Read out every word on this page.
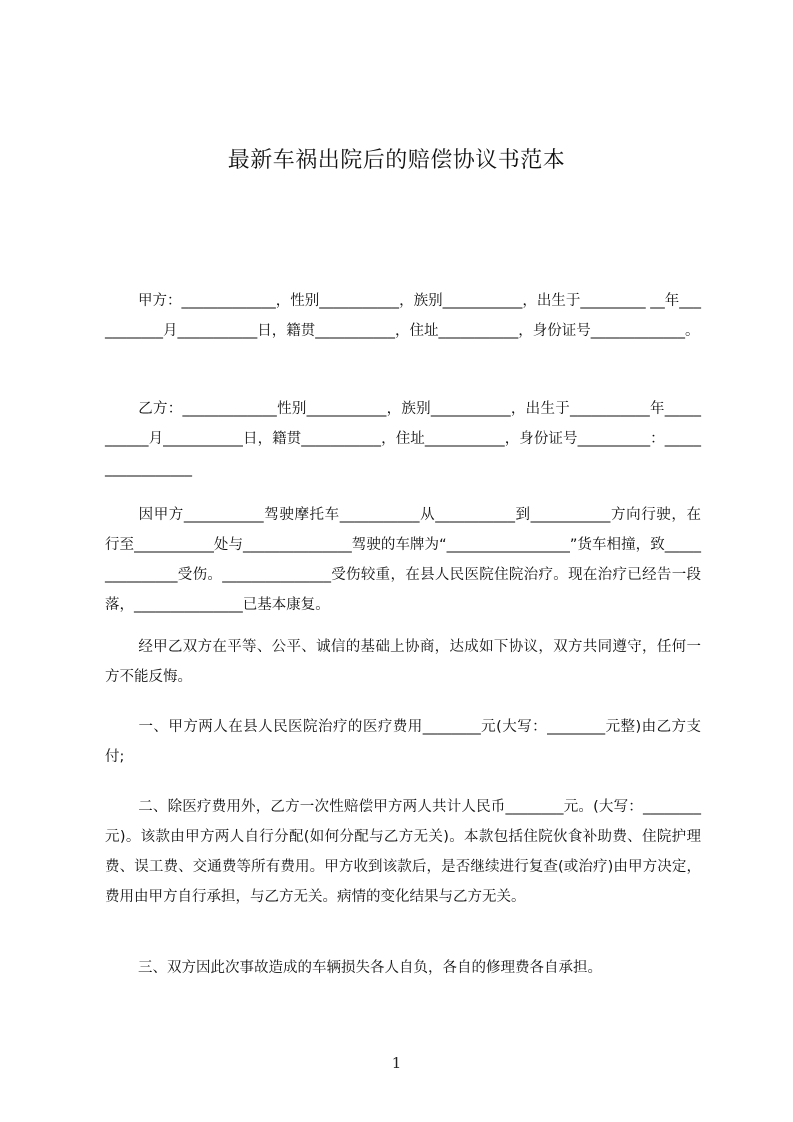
最新车祸出院后的赔偿协议书范本
甲方：_____________，性别___________，族别___________，出生于_________ __年___________月___________日，籍贯___________，住址___________，身份证号_____________。
乙方：_____________性别___________，族别___________，出生于___________年___________月___________日，籍贯___________，住址___________，身份证号__________：_________________
因甲方___________驾驶摩托车___________从___________到___________方向行驶，在行至___________处与_______________驾驶的车牌为“_________________”货车相撞，致_______________受伤。_______________受伤较重，在县人民医院住院治疗。现在治疗已经告一段落，_______________已基本康复。
经甲乙双方在平等、公平、诚信的基础上协商，达成如下协议，双方共同遵守，任何一方不能反悔。
一、甲方两人在县人民医院治疗的医疗费用________元(大写：________元整)由乙方支付;
二、除医疗费用外，乙方一次性赔偿甲方两人共计人民币________元。(大写：________元)。该款由甲方两人自行分配(如何分配与乙方无关)。本款包括住院伙食补助费、住院护理费、误工费、交通费等所有费用。甲方收到该款后，是否继续进行复查(或治疗)由甲方决定，费用由甲方自行承担，与乙方无关。病情的变化结果与乙方无关。
三、双方因此次事故造成的车辆损失各人自负，各自的修理费各自承担。
1
